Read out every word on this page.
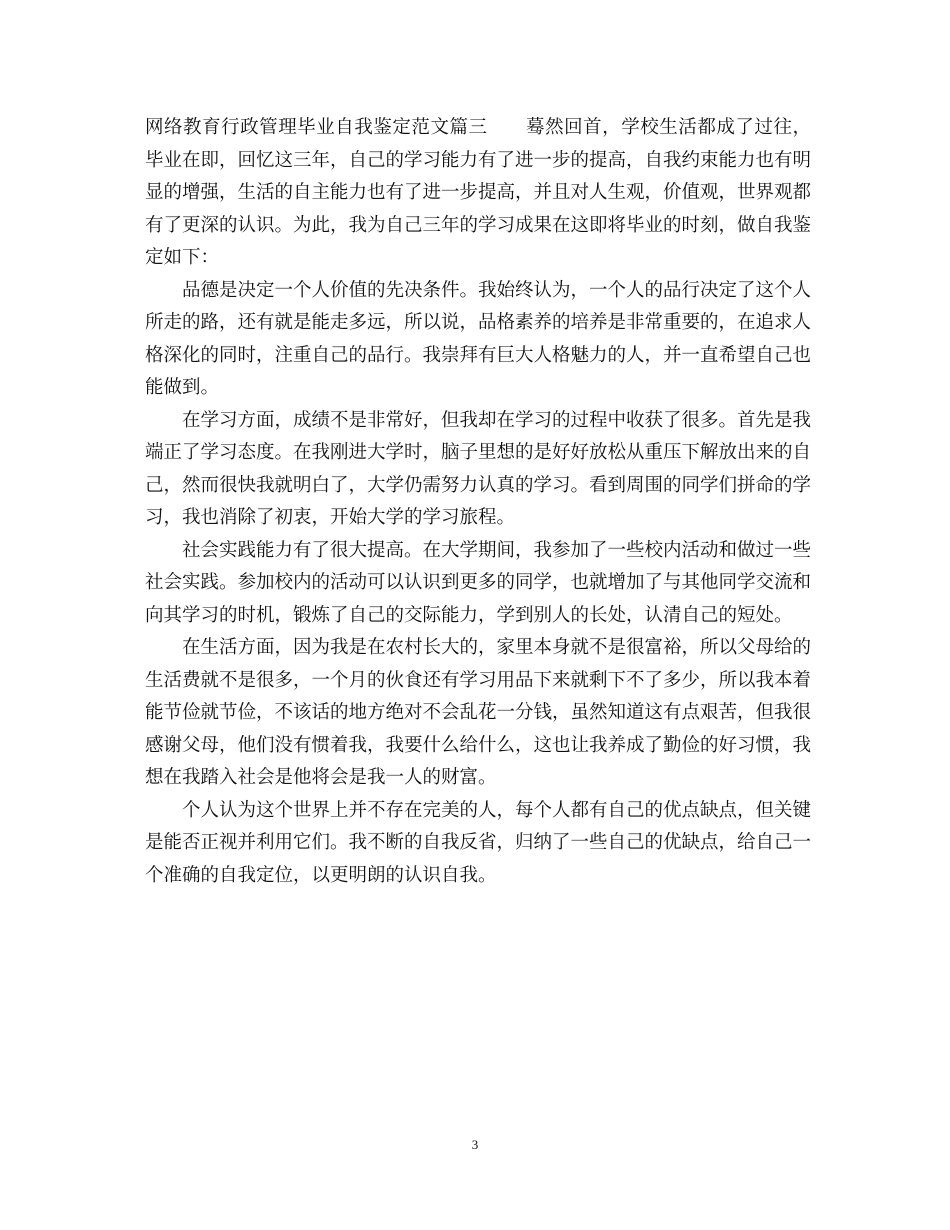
网络教育行政管理毕业自我鉴定范文篇三 蓦然回首，学校生活都成了过往，毕业在即，回忆这三年，自己的学习能力有了进一步的提高，自我约束能力也有明显的增强，生活的自主能力也有了进一步提高，并且对人生观，价值观，世界观都有了更深的认识。为此，我为自己三年的学习成果在这即将毕业的时刻，做自我鉴定如下：

品德是决定一个人价值的先决条件。我始终认为，一个人的品行决定了这个人所走的路，还有就是能走多远，所以说，品格素养的培养是非常重要的，在追求人格深化的同时，注重自己的品行。我崇拜有巨大人格魅力的人，并一直希望自己也能做到。

在学习方面，成绩不是非常好，但我却在学习的过程中收获了很多。首先是我端正了学习态度。在我刚进大学时，脑子里想的是好好放松从重压下解放出来的自己，然而很快我就明白了，大学仍需努力认真的学习。看到周围的同学们拼命的学习，我也消除了初衷，开始大学的学习旅程。

社会实践能力有了很大提高。在大学期间，我参加了一些校内活动和做过一些社会实践。参加校内的活动可以认识到更多的同学，也就增加了与其他同学交流和向其学习的时机，锻炼了自己的交际能力，学到别人的长处，认清自己的短处。

在生活方面，因为我是在农村长大的，家里本身就不是很富裕，所以父母给的生活费就不是很多，一个月的伙食还有学习用品下来就剩下不了多少，所以我本着能节俭就节俭，不该话的地方绝对不会乱花一分钱，虽然知道这有点艰苦，但我很感谢父母，他们没有惯着我，我要什么给什么，这也让我养成了勤俭的好习惯，我想在我踏入社会是他将会是我一人的财富。

个人认为这个世界上并不存在完美的人，每个人都有自己的优点缺点，但关键是能否正视并利用它们。我不断的自我反省，归纳了一些自己的优缺点，给自己一个准确的自我定位，以更明朗的认识自我。

3
